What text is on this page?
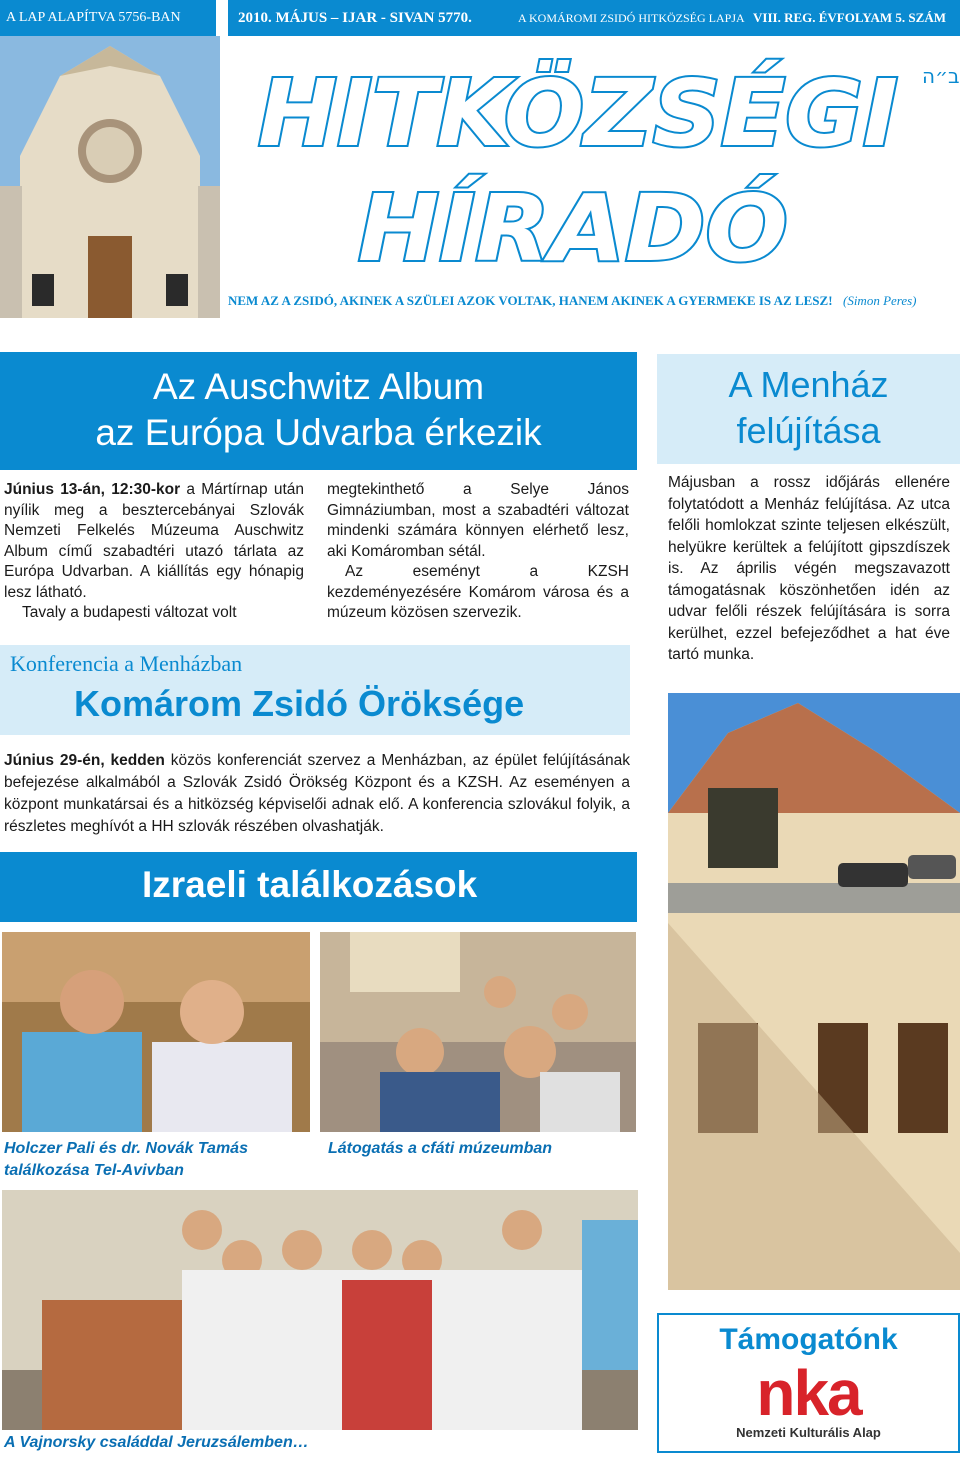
A LAP ALAPÍTVA 5756-BAN	2010. MÁJUS – IJAR - SIVAN 5770.	A KOMÁROMI ZSIDÓ HITKÖZSÉG LAPJA VIII. REG. ÉVFOLYAM 5. SZÁM
HITKÖZSÉGI
HÍRADÓ
ב״ה
NEM AZ A ZSIDÓ, AKINEK A SZÜLEI AZOK VOLTAK, HANEM AKINEK A GYERMEKE IS AZ LESZ! (Simon Peres)
Az Auschwitz Album
az Európa Udvarba érkezik

Június 13-án, 12:30-kor a Mártírnap után nyílik meg a besztercebányai Szlovák Nemzeti Felkelés Múzeuma Auschwitz Album című szabadtéri utazó tárlata az Európa Udvarban. A kiállítás egy hónapig lesz látható.

Tavaly a budapesti változat volt

megtekinthető a Selye János Gimnáziumban, most a szabadtéri változat mindenki számára könnyen elérhető lesz, aki Komáromban sétál.

Az eseményt a KZSH kezdeményezésére Komárom városa és a múzeum közösen szervezik.

Konferencia a Menházban
Komárom Zsidó Öröksége
Június 29-én, kedden közös konferenciát szervez a Menházban, az épület felújításának befejezése alkalmából a Szlovák Zsidó Örökség Központ és a KZSH. Az eseményen a központ munkatársai és a hitközség képviselői adnak elő. A konferencia szlovákul folyik, a részletes meghívót a HH szlovák részében olvashatják.
A Menház
felújítása
Májusban a rossz időjárás ellenére folytatódott a Menház felújítása. Az utca felőli homlokzat szinte teljesen elkészült, helyükre kerültek a felújított gipszdíszek is. Az április végén megszavazott támogatásnak köszönhetően idén az udvar felőli részek felújítására is sorra kerülhet, ezzel befejeződhet a hat éve tartó munka.
Izraeli találkozások
Holczer Pali és dr. Novák Tamás találkozása Tel-Avivban
Látogatás a cfáti múzeumban
A Vajnorsky családdal Jeruzsálemben…
Támogatónk
nka
Nemzeti Kulturális Alap
